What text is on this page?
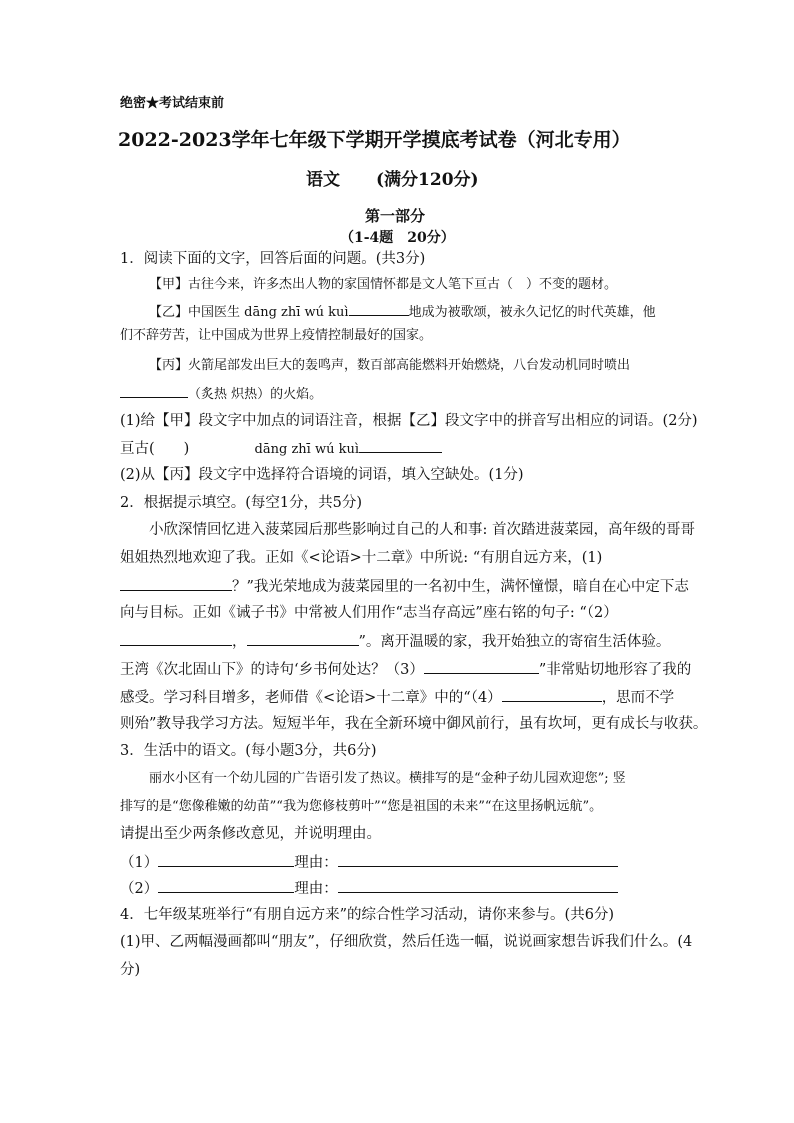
绝密★考试结束前
2022-2023学年七年级下学期开学摸底考试卷（河北专用）
语文 (满分120分)
第一部分
（1-4题　20分）
1．阅读下面的文字，回答后面的问题。(共3分)
【甲】古往今来，许多杰出人物的家国情怀都是文人笔下亘古（　）不变的题材。
【乙】中国医生 dāng zhī wú kuì	地成为被歌颂，被永久记忆的时代英雄，他
们不辞劳苦，让中国成为世界上疫情控制最好的国家。
【丙】火箭尾部发出巨大的轰鸣声，数百部高能燃料开始燃烧，八台发动机同时喷出
（炙热 炽热）的火焰。
(1)给【甲】段文字中加点的词语注音，根据【乙】段文字中的拼音写出相应的词语。(2分)
亘古(　　)	dāng zhī wú kuì
(2)从【丙】段文字中选择符合语境的词语，填入空缺处。(1分)
2．根据提示填空。(每空1分，共5分)
小欣深情回忆进入菠菜园后那些影响过自己的人和事: 首次踏进菠菜园，高年级的哥哥
姐姐热烈地欢迎了我。正如《<论语>十二章》中所说: “有朋自远方来，(1)
？”我光荣地成为菠菜园里的一名初中生，满怀憧憬，暗自在心中定下志
向与目标。正如《诫子书》中常被人们用作“志当存高远”座右铭的句子: “（2）
，	”。离开温暖的家，我开始独立的寄宿生活体验。
王湾《次北固山下》的诗句‘乡书何处达？（3）	”非常贴切地形容了我的
感受。学习科目增多，老师借《<论语>十二章》中的“（4）	，思而不学
则殆”教导我学习方法。短短半年，我在全新环境中御风前行，虽有坎坷，更有成长与收获。
3．生活中的语文。(每小题3分，共6分)
丽水小区有一个幼儿园的广告语引发了热议。横排写的是“金种子幼儿园欢迎您”; 竖
排写的是“您像稚嫩的幼苗”“我为您修枝剪叶”“您是祖国的未来”“在这里扬帆远航”。
请提出至少两条修改意见，并说明理由。
（1）	理由：
（2）	理由：
4．七年级某班举行“有朋自远方来”的综合性学习活动，请你来参与。(共6分)
(1)甲、乙两幅漫画都叫“朋友”，仔细欣赏，然后任选一幅，说说画家想告诉我们什么。(4
分)
